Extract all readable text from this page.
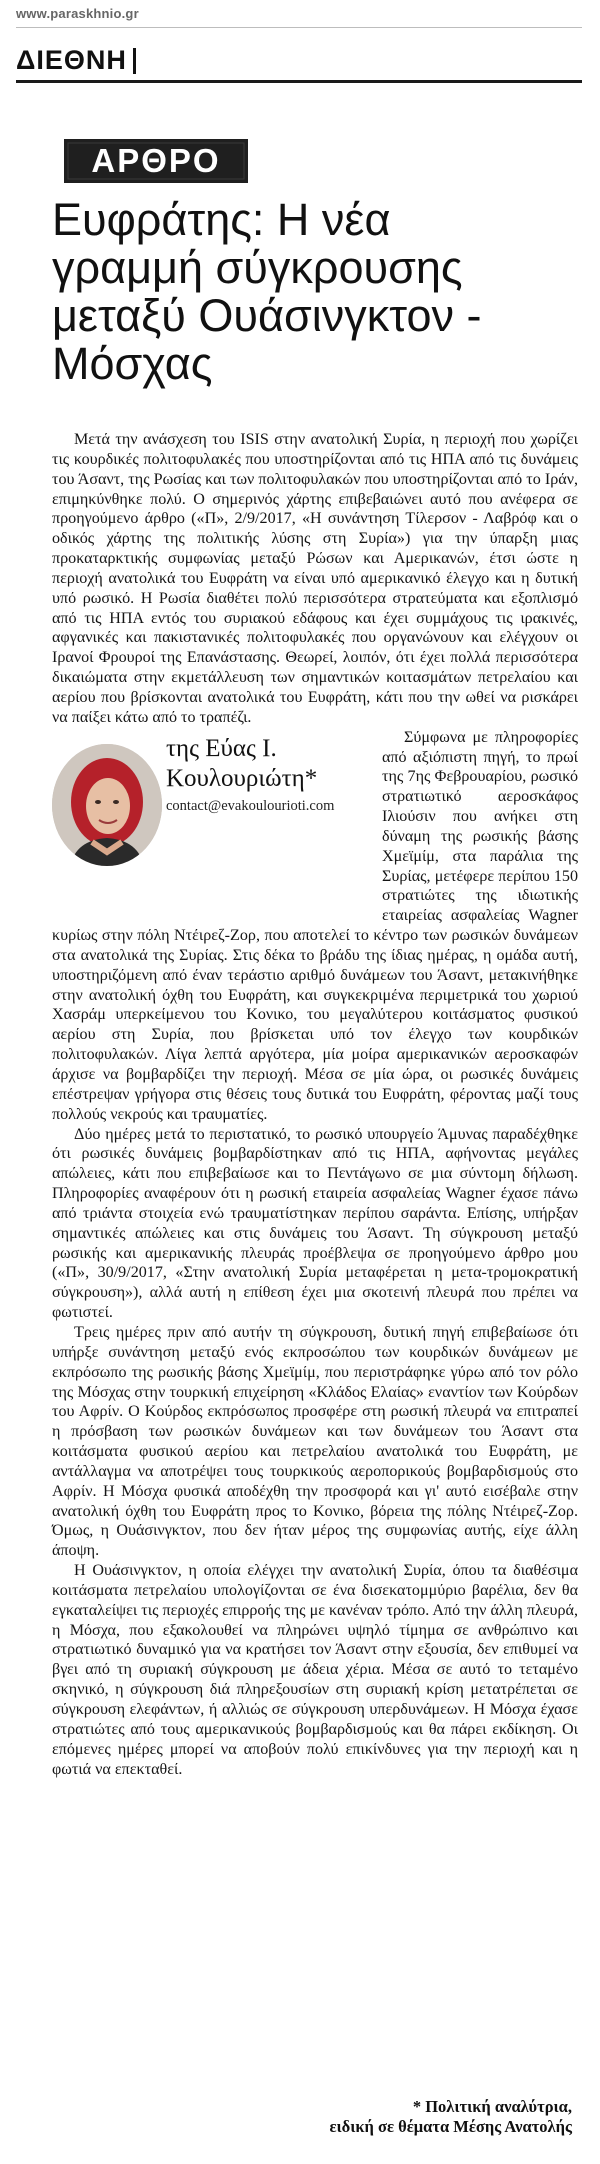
www.paraskhnio.gr
ΔΙΕΘΝΗ
ΑΡΘΡΟ
Ευφράτης: Η νέα
γραμμή σύγκρουσης
μεταξύ Ουάσινγκτον -
Μόσχας

Μετά την ανάσχεση του ISIS στην ανατολική Συρία, η περιοχή που χωρίζει τις κουρδικές πολιτοφυλακές που υποστηρίζονται από τις ΗΠΑ από τις δυνάμεις του Άσαντ, της Ρωσίας και των πολιτοφυλακών που υποστηρίζονται από το Ιράν, επιμηκύνθηκε πολύ. Ο σημερινός χάρτης επιβεβαιώνει αυτό που ανέφερα σε προηγούμενο άρθρο («Π», 2/9/2017, «Η συνάντηση Τίλερσον - Λαβρόφ και ο οδικός χάρτης της πολιτικής λύσης στη Συρία») για την ύπαρξη μιας προκαταρκτικής συμφωνίας μεταξύ Ρώσων και Αμερικανών, έτσι ώστε η περιοχή ανατολικά του Ευφράτη να είναι υπό αμερικανικό έλεγχο και η δυτική υπό ρωσικό. Η Ρωσία διαθέτει πολύ περισσότερα στρατεύματα και εξοπλισμό από τις ΗΠΑ εντός του συριακού εδάφους και έχει συμμάχους τις ιρακινές, αφγανικές και πακιστανικές πολιτοφυλακές που οργανώνουν και ελέγχουν οι Ιρανοί Φρουροί της Επανάστασης. Θεωρεί, λοιπόν, ότι έχει πολλά περισσότερα δικαιώματα στην εκμετάλλευση των σημαντικών κοιτασμάτων πετρελαίου και αερίου που βρίσκονται ανατολικά του Ευφράτη, κάτι που την ωθεί να ρισκάρει να παίξει κάτω από το τραπέζι.

της Εύας Ι.
Κουλουριώτη*
contact@evakoulourioti.com

Σύμφωνα με πληροφορίες από αξιόπιστη πηγή, το πρωί της 7ης Φεβρουαρίου, ρωσικό στρατιωτικό αεροσκάφος Ιλιούσιν που ανήκει στη δύναμη της ρωσικής βάσης Χμεϊμίμ, στα παράλια της Συρίας, μετέφερε περίπου 150 στρατιώτες της ιδιωτικής εταιρείας ασφαλείας Wagner κυρίως στην πόλη Ντέιρεζ-Ζορ, που αποτελεί το κέντρο των ρωσικών δυνάμεων στα ανατολικά της Συρίας. Στις δέκα το βράδυ της ίδιας ημέρας, η ομάδα αυτή, υποστηριζόμενη από έναν τεράστιο αριθμό δυνάμεων του Άσαντ, μετακινήθηκε στην ανατολική όχθη του Ευφράτη, και συγκεκριμένα περιμετρικά του χωριού Χασράμ υπερκείμενου του Κονικο, του μεγαλύτερου κοιτάσματος φυσικού αερίου στη Συρία, που βρίσκεται υπό τον έλεγχο των κουρδικών πολιτοφυλακών. Λίγα λεπτά αργότερα, μία μοίρα αμερικανικών αεροσκαφών άρχισε να βομβαρδίζει την περιοχή. Μέσα σε μία ώρα, οι ρωσικές δυνάμεις επέστρεψαν γρήγορα στις θέσεις τους δυτικά του Ευφράτη, φέροντας μαζί τους πολλούς νεκρούς και τραυματίες.

Δύο ημέρες μετά το περιστατικό, το ρωσικό υπουργείο Άμυνας παραδέχθηκε ότι ρωσικές δυνάμεις βομβαρδίστηκαν από τις ΗΠΑ, αφήνοντας μεγάλες απώλειες, κάτι που επιβεβαίωσε και το Πεντάγωνο σε μια σύντομη δήλωση. Πληροφορίες αναφέρουν ότι η ρωσική εταιρεία ασφαλείας Wagner έχασε πάνω από τριάντα στοιχεία ενώ τραυματίστηκαν περίπου σαράντα. Επίσης, υπήρξαν σημαντικές απώλειες και στις δυνάμεις του Άσαντ. Τη σύγκρουση μεταξύ ρωσικής και αμερικανικής πλευράς προέβλεψα σε προηγούμενο άρθρο μου («Π», 30/9/2017, «Στην ανατολική Συρία μεταφέρεται η μετα-τρομοκρατική σύγκρουση»), αλλά αυτή η επίθεση έχει μια σκοτεινή πλευρά που πρέπει να φωτιστεί.

Τρεις ημέρες πριν από αυτήν τη σύγκρουση, δυτική πηγή επιβεβαίωσε ότι υπήρξε συνάντηση μεταξύ ενός εκπροσώπου των κουρδικών δυνάμεων με εκπρόσωπο της ρωσικής βάσης Χμεϊμίμ, που περιστράφηκε γύρω από τον ρόλο της Μόσχας στην τουρκική επιχείρηση «Κλάδος Ελαίας» εναντίον των Κούρδων του Αφρίν. Ο Κούρδος εκπρόσωπος προσφέρε στη ρωσική πλευρά να επιτραπεί η πρόσβαση των ρωσικών δυνάμεων και των δυνάμεων του Άσαντ στα κοιτάσματα φυσικού αερίου και πετρελαίου ανατολικά του Ευφράτη, με αντάλλαγμα να αποτρέψει τους τουρκικούς αεροπορικούς βομβαρδισμούς στο Αφρίν. Η Μόσχα φυσικά αποδέχθη την προσφορά και γι' αυτό εισέβαλε στην ανατολική όχθη του Ευφράτη προς το Κονικο, βόρεια της πόλης Ντέιρεζ-Ζορ. Όμως, η Ουάσινγκτον, που δεν ήταν μέρος της συμφωνίας αυτής, είχε άλλη άποψη.

Η Ουάσινγκτον, η οποία ελέγχει την ανατολική Συρία, όπου τα διαθέσιμα κοιτάσματα πετρελαίου υπολογίζονται σε ένα δισεκατομμύριο βαρέλια, δεν θα εγκαταλείψει τις περιοχές επιρροής της με κανέναν τρόπο. Από την άλλη πλευρά, η Μόσχα, που εξακολουθεί να πληρώνει υψηλό τίμημα σε ανθρώπινο και στρατιωτικό δυναμικό για να κρατήσει τον Άσαντ στην εξουσία, δεν επιθυμεί να βγει από τη συριακή σύγκρουση με άδεια χέρια. Μέσα σε αυτό το τεταμένο σκηνικό, η σύγκρουση διά πληρεξουσίων στη συριακή κρίση μετατρέπεται σε σύγκρουση ελεφάντων, ή αλλιώς σε σύγκρουση υπερδυνάμεων. Η Μόσχα έχασε στρατιώτες από τους αμερικανικούς βομβαρδισμούς και θα πάρει εκδίκηση. Οι επόμενες ημέρες μπορεί να αποβούν πολύ επικίνδυνες για την περιοχή και η φωτιά να επεκταθεί.

* Πολιτική αναλύτρια,
ειδική σε θέματα Μέσης Ανατολής
